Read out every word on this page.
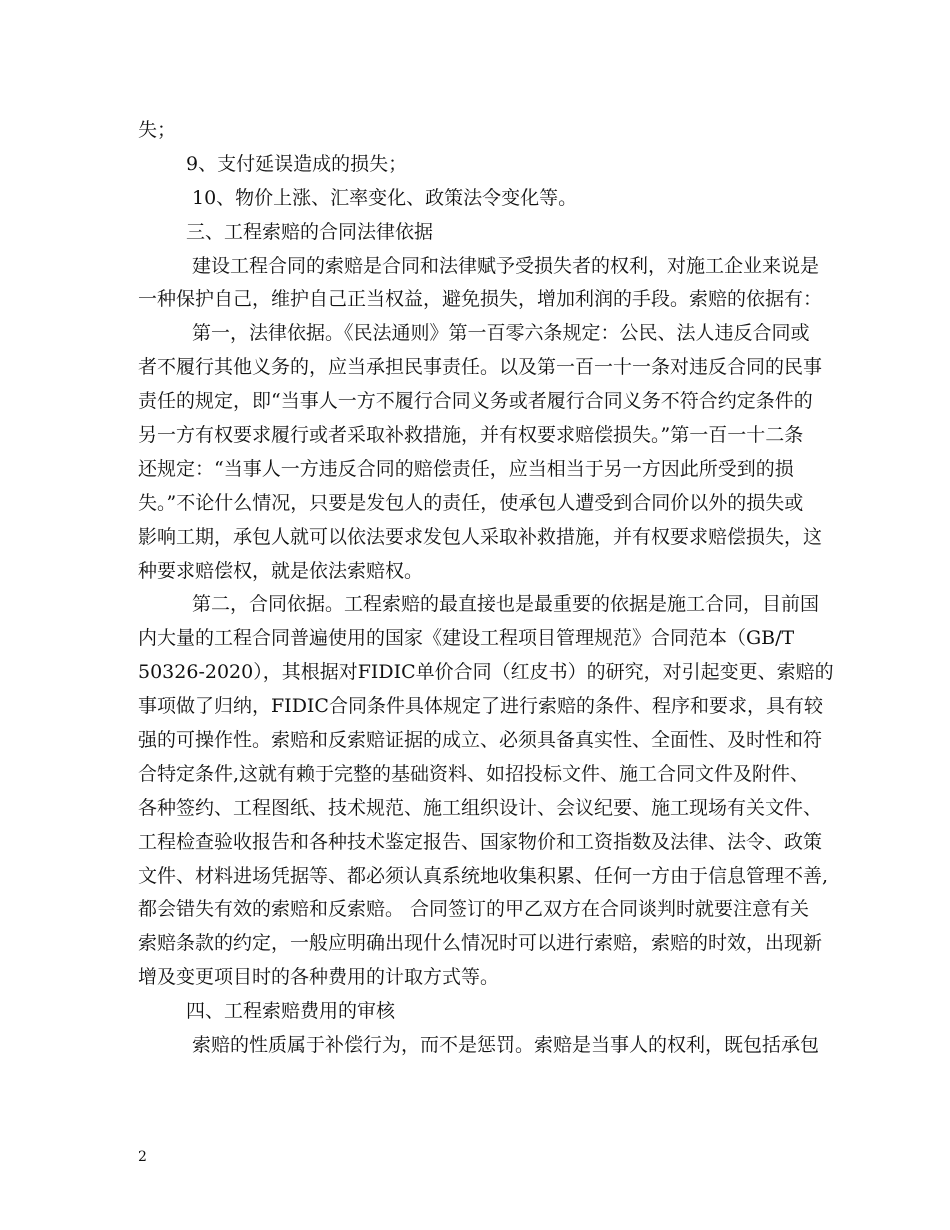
失；
9、支付延误造成的损失；
10、物价上涨、汇率变化、政策法令变化等。
三、工程索赔的合同法律依据
建设工程合同的索赔是合同和法律赋予受损失者的权利，对施工企业来说是
一种保护自己，维护自己正当权益，避免损失，增加利润的手段。索赔的依据有：
第一，法律依据。《民法通则》第一百零六条规定：公民、法人违反合同或
者不履行其他义务的，应当承担民事责任。以及第一百一十一条对违反合同的民事
责任的规定，即“当事人一方不履行合同义务或者履行合同义务不符合约定条件的
另一方有权要求履行或者采取补救措施，并有权要求赔偿损失。”第一百一十二条
还规定：“当事人一方违反合同的赔偿责任，应当相当于另一方因此所受到的损
失。”不论什么情况，只要是发包人的责任，使承包人遭受到合同价以外的损失或
影响工期，承包人就可以依法要求发包人采取补救措施，并有权要求赔偿损失，这
种要求赔偿权，就是依法索赔权。
第二，合同依据。工程索赔的最直接也是最重要的依据是施工合同，目前国
内大量的工程合同普遍使用的国家《建设工程项目管理规范》合同范本（GB/T
50326-2020），其根据对FIDIC单价合同（红皮书）的研究，对引起变更、索赔的
事项做了归纳，FIDIC合同条件具体规定了进行索赔的条件、程序和要求，具有较
强的可操作性。索赔和反索赔证据的成立、必须具备真实性、全面性、及时性和符
合特定条件,这就有赖于完整的基础资料、如招投标文件、施工合同文件及附件、
各种签约、工程图纸、技术规范、施工组织设计、会议纪要、施工现场有关文件、
工程检查验收报告和各种技术鉴定报告、国家物价和工资指数及法律、法令、政策
文件、材料进场凭据等、都必须认真系统地收集积累、任何一方由于信息管理不善,
都会错失有效的索赔和反索赔。 合同签订的甲乙双方在合同谈判时就要注意有关
索赔条款的约定，一般应明确出现什么情况时可以进行索赔，索赔的时效，出现新
增及变更项目时的各种费用的计取方式等。
四、工程索赔费用的审核
索赔的性质属于补偿行为，而不是惩罚。索赔是当事人的权利，既包括承包
2
